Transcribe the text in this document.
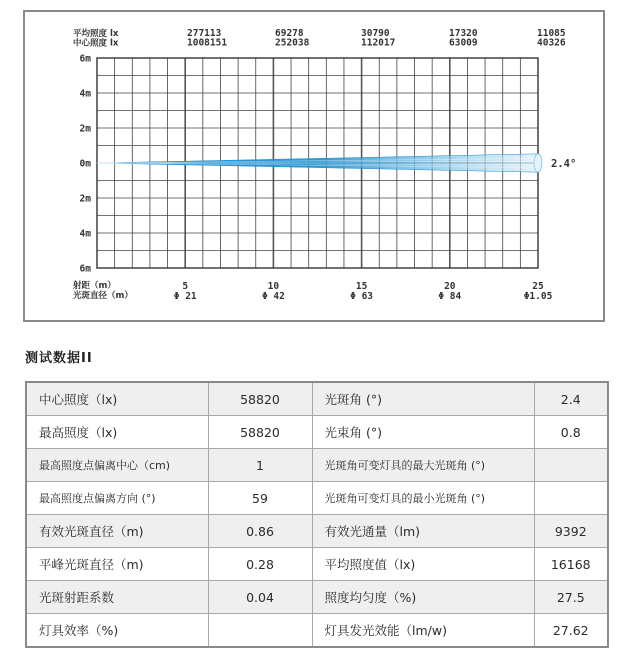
6m
4m
2m
0m
2m
4m
6m
平均照度 lx	277113	69278	30790	17320	11085
中心照度 lx	1008151	252038	112017	63009	40326
射距（m）	5	10	15	20	25
光斑直径（m）	Φ 21	Φ 42	Φ 63	Φ 84	Φ1.05
2.4°
测试数据II
中心照度（lx)	58820	光斑角 (°)	2.4
最高照度（lx)	58820	光束角 (°)	0.8
最高照度点偏离中心（cm)	1	光斑角可变灯具的最大光斑角 (°)	
最高照度点偏离方向 (°)	59	光斑角可变灯具的最小光斑角 (°)	
有效光斑直径（m)	0.86	有效光通量（lm)	9392
平峰光斑直径（m)	0.28	平均照度值（lx)	16168
光斑射距系数	0.04	照度均匀度（%)	27.5
灯具效率（%)		灯具发光效能（lm/w)	27.62
